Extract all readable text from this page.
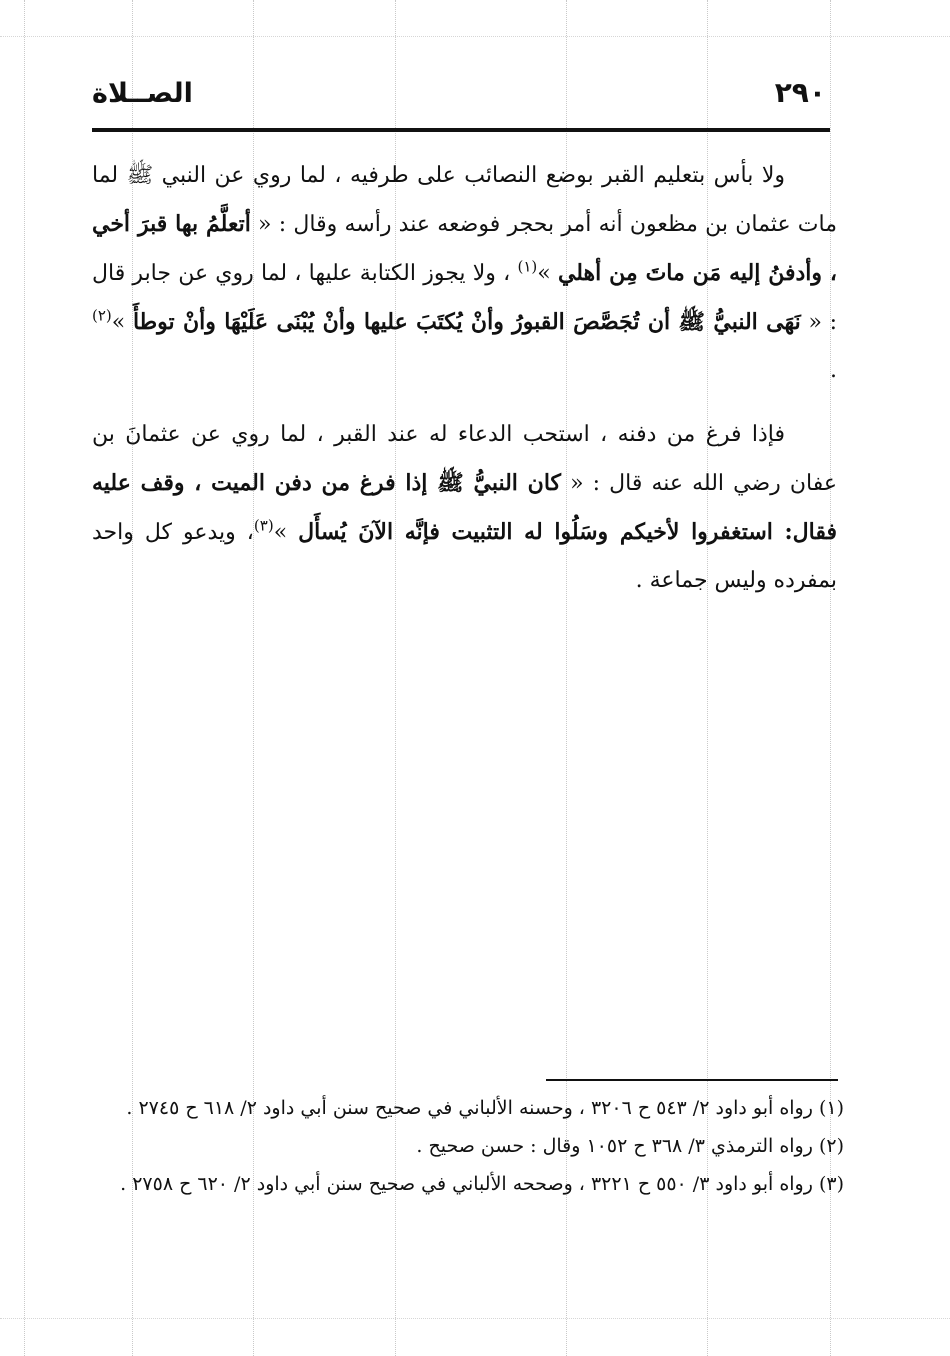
٢٩٠
الصــلاة

ولا بأس بتعليم القبر بوضع النصائب على طرفيه ، لما روي عن النبي ﷺ لما مات عثمان بن مظعون أنه أمر بحجر فوضعه عند رأسه وقال : « أتعلَّمُ بها قبرَ أخي ، وأدفنُ إليه مَن ماتَ مِن أهلي »$^{(١)}$ ، ولا يجوز الكتابة عليها ، لما روي عن جابر قال : « نَهَى النبيُّ ﷺ أن تُجَصَّصَ القبورُ وأنْ يُكتَبَ عليها وأنْ يُبْنَى عَلَيْهَا وأنْ توطأَ »$^{(٢)}$ .

فإذا فرغ من دفنه ، استحب الدعاء له عند القبر ، لما روي عن عثمانَ بن عفان رضي الله عنه قال : « كان النبيُّ ﷺ إذا فرغ من دفن الميت ، وقف عليه فقال: استغفروا لأخيكم وسَلُوا له التثبيت فإنَّه الآنَ يُسأَل »$^{(٣)}$، ويدعو كل واحد بمفرده وليس جماعة .

(١) رواه أبو داود ٢/ ٥٤٣ ح ٣٢٠٦ ، وحسنه الألباني في صحيح سنن أبي داود ٢/ ٦١٨ ح ٢٧٤٥ .

(٢) رواه الترمذي ٣/ ٣٦٨ ح ١٠٥٢ وقال : حسن صحيح .

(٣) رواه أبو داود ٣/ ٥٥٠ ح ٣٢٢١ ، وصححه الألباني في صحيح سنن أبي داود ٢/ ٦٢٠ ح ٢٧٥٨ .
